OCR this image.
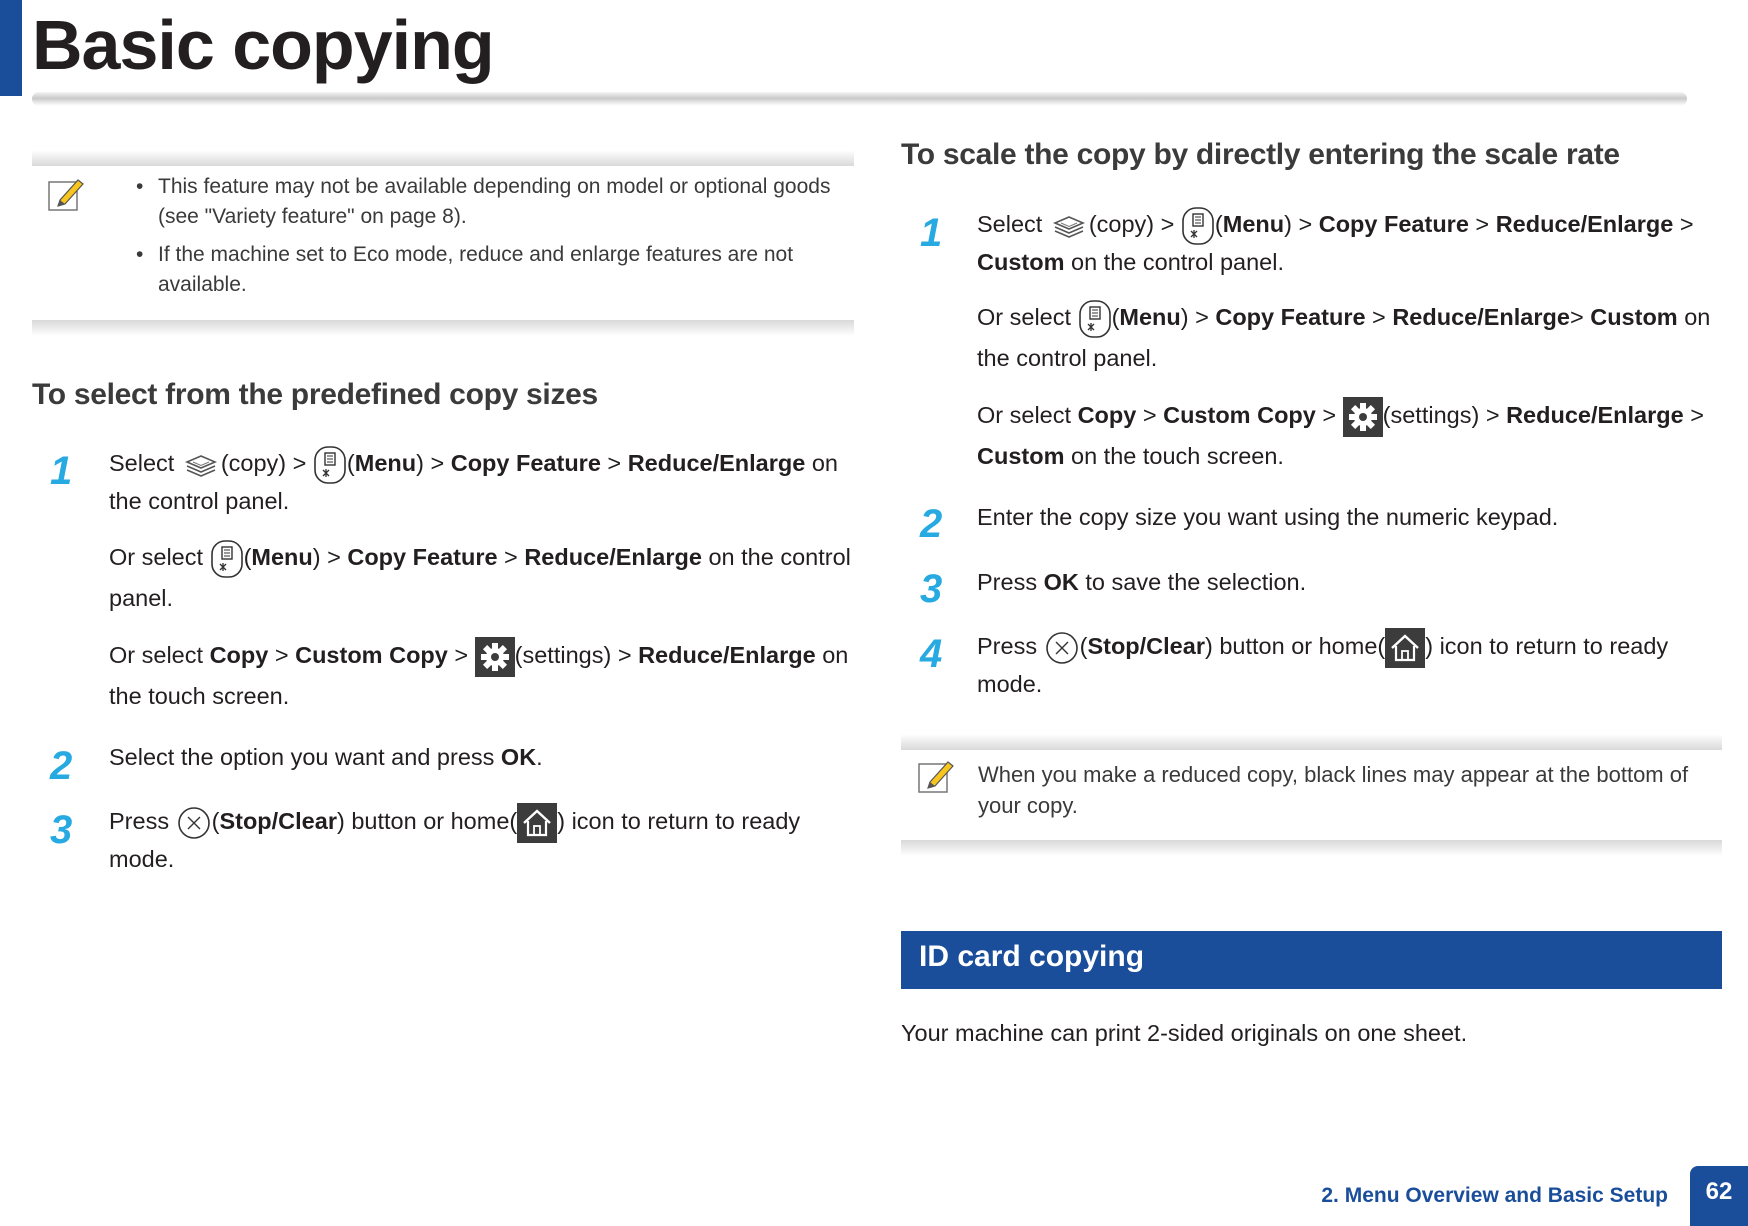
Basic copying
• This feature may not be available depending on model or optional goods (see "Variety feature" on page 8).
• If the machine set to Eco mode, reduce and enlarge features are not available.
To select from the predefined copy sizes
1 Select
(copy) >
(Menu) > Copy Feature > Reduce/Enlarge on the control panel.
Or select
(Menu) > Copy Feature > Reduce/Enlarge on the control panel.
Or select Copy > Custom Copy >
(settings) > Reduce/Enlarge on the touch screen.
2 Select the option you want and press OK.
3 Press
(Stop/Clear) button or home( ) icon to return to ready mode.
To scale the copy by directly entering the scale rate
1 Select
(copy) >
(Menu) > Copy Feature > Reduce/Enlarge > Custom on the control panel.
Or select
(Menu) > Copy Feature > Reduce/Enlarge> Custom on the control panel.
Or select Copy > Custom Copy >
(settings) > Reduce/Enlarge > Custom on the touch screen.
2 Enter the copy size you want using the numeric keypad.
3 Press OK to save the selection.
4 Press
(Stop/Clear) button or home( ) icon to return to ready mode.
When you make a reduced copy, black lines may appear at the bottom of your copy.
ID card copying
Your machine can print 2-sided originals on one sheet.
2. Menu Overview and Basic Setup	62
